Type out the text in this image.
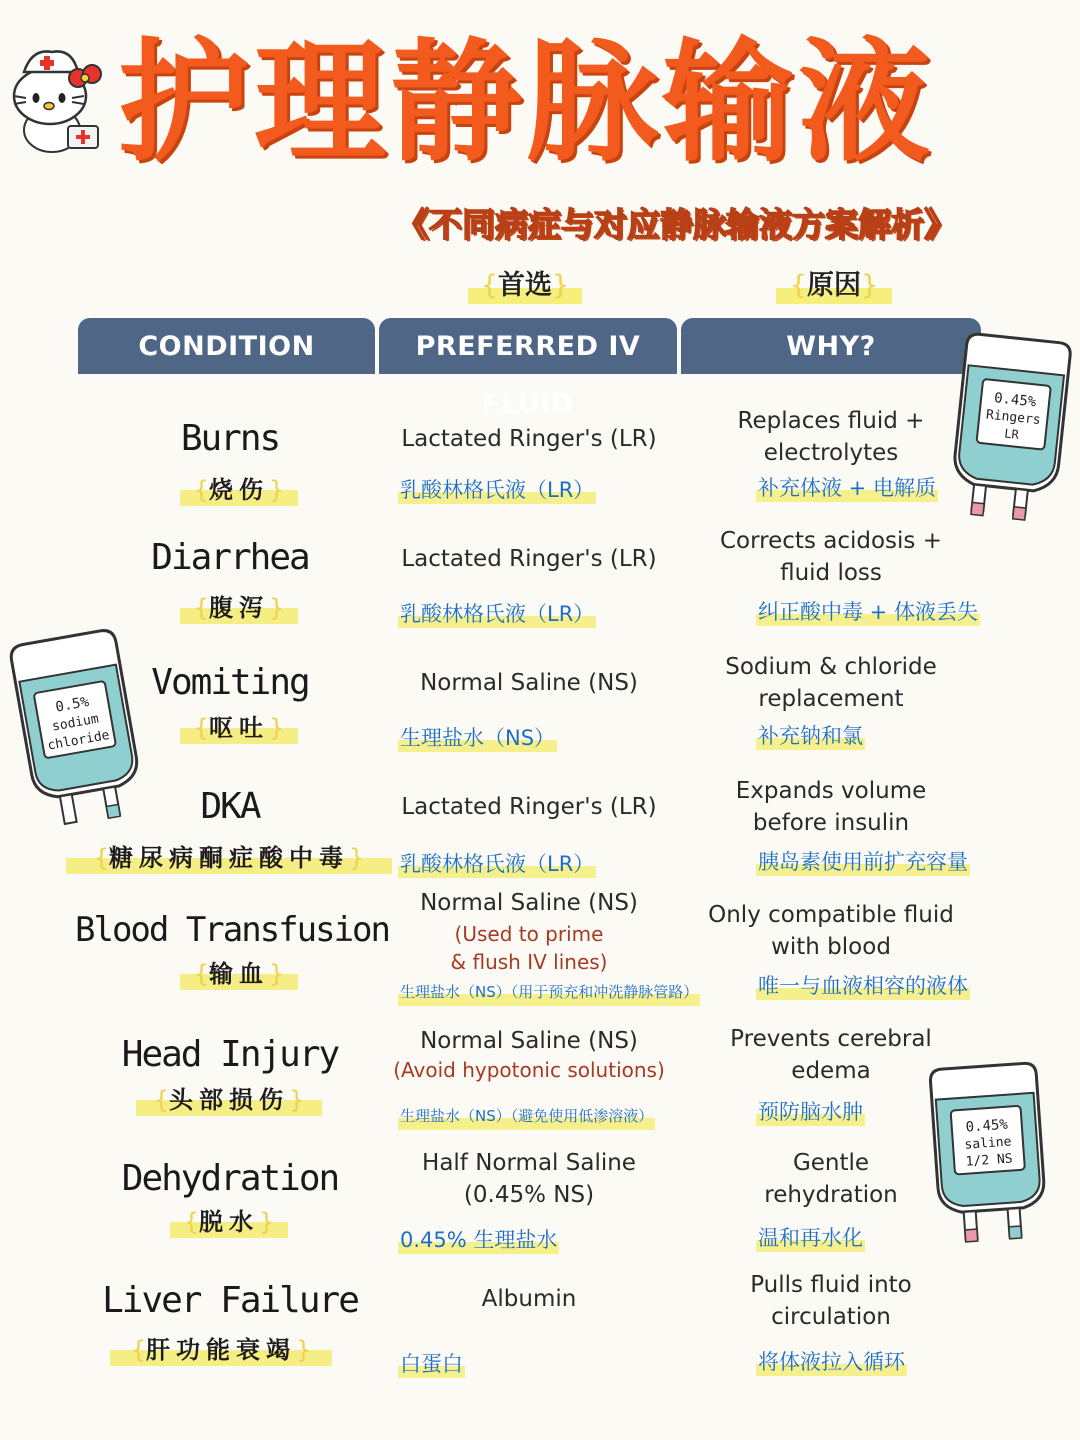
护理静脉输液
《不同病症与对应静脉输液方案解析》
{首选}	{原因}
CONDITION	PREFERRED IV FLUID
WHY?
Burns
{烧伤}
Lactated Ringer's (LR)
乳酸林格氏液（LR）
Replaces fluid +
electrolytes
补充体液 + 电解质
Diarrhea
{腹泻}
Lactated Ringer's (LR)
乳酸林格氏液（LR）
Corrects acidosis +
fluid loss
纠正酸中毒 + 体液丢失
Vomiting
{呕吐}
Normal Saline (NS)
生理盐水（NS）
Sodium & chloride
replacement
补充钠和氯
DKA
{糖尿病酮症酸中毒}
Lactated Ringer's (LR)
乳酸林格氏液（LR）
Expands volume
before insulin
胰岛素使用前扩充容量
Blood Transfusion
{输血}
Normal Saline (NS)
(Used to prime
& flush IV lines)
生理盐水（NS）（用于预充和冲洗静脉管路）
Only compatible fluid
with blood
唯一与血液相容的液体
Head Injury
{头部损伤}
Normal Saline (NS)
(Avoid hypotonic solutions)
生理盐水（NS）（避免使用低渗溶液）
Prevents cerebral
edema
预防脑水肿
Dehydration
{脱水}
Half Normal Saline
(0.45% NS)
0.45% 生理盐水
Gentle
rehydration
温和再水化
Liver Failure
{肝功能衰竭}
Albumin
白蛋白
Pulls fluid into
circulation
将体液拉入循环
0.45%
Ringers
LR
0.5%
sodium
chloride
0.45%
saline
1/2 NS
